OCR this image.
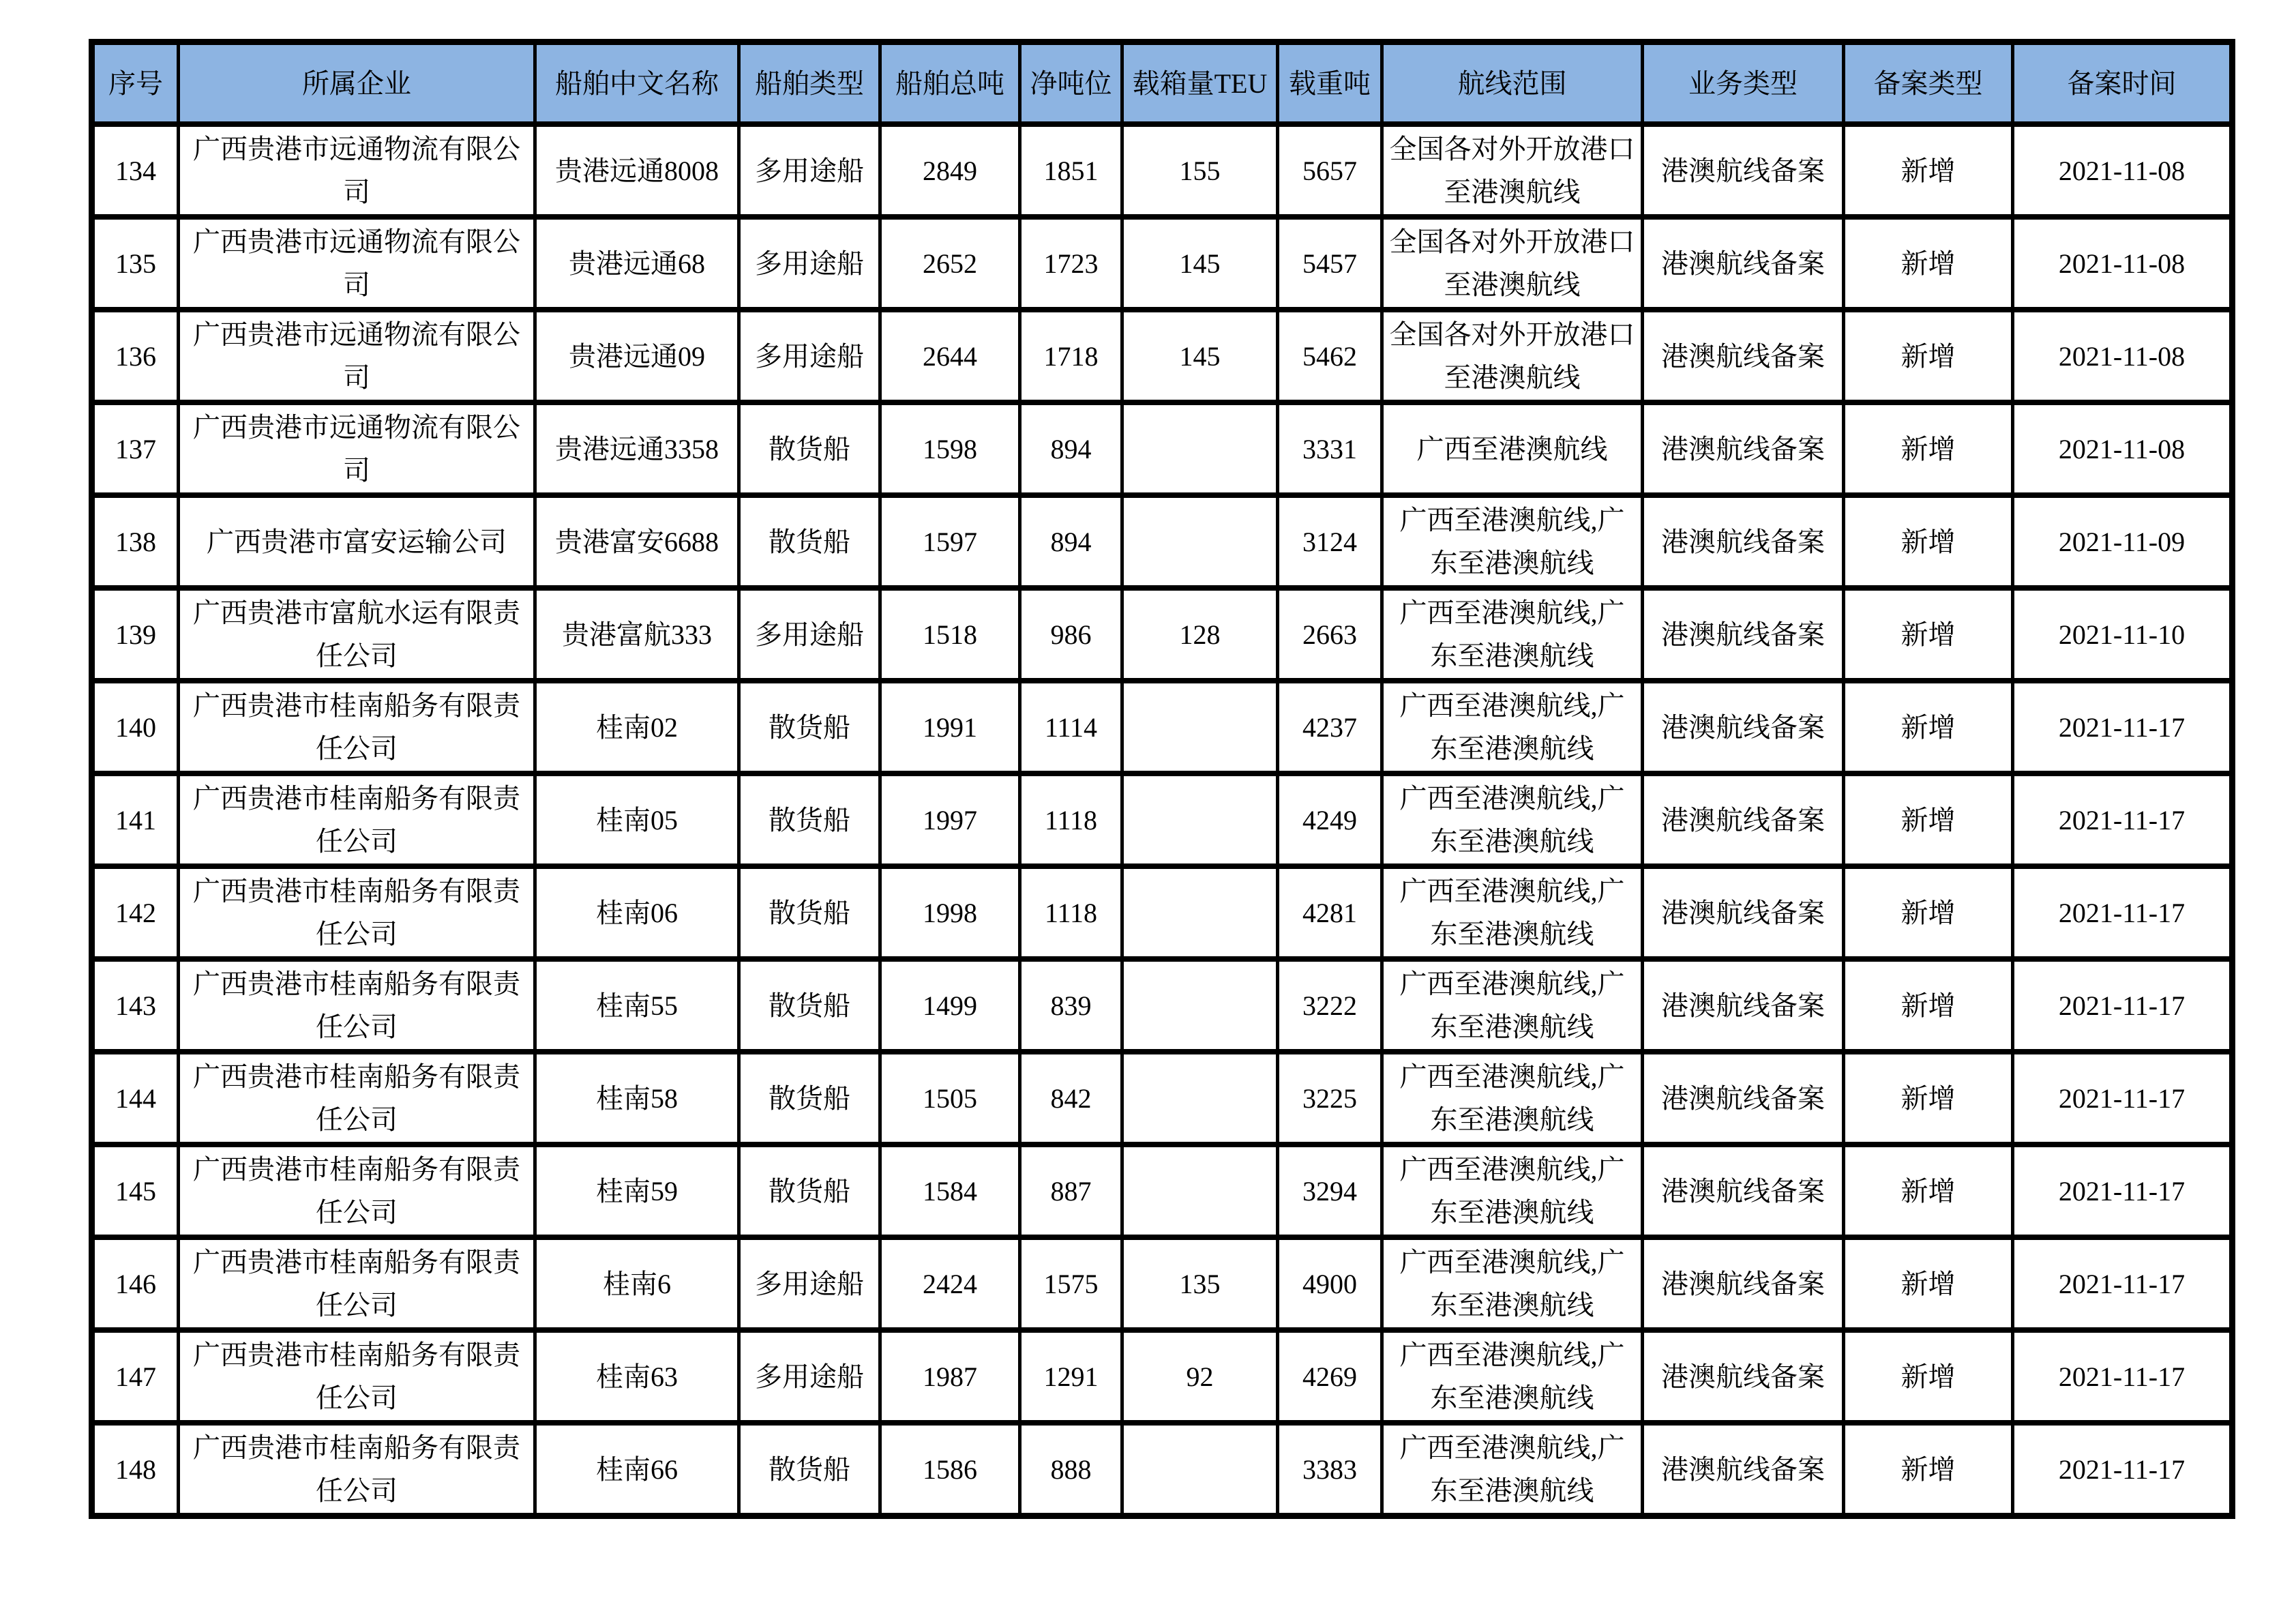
序号	所属企业	船舶中文名称	船舶类型	船舶总吨	净吨位	载箱量TEU	载重吨	航线范围	业务类型	备案类型	备案时间
134	广西贵港市远通物流有限公司	贵港远通8008	多用途船	2849	1851	155	5657	全国各对外开放港口至港澳航线	港澳航线备案	新增	2021-11-08
135	广西贵港市远通物流有限公司	贵港远通68	多用途船	2652	1723	145	5457	全国各对外开放港口至港澳航线	港澳航线备案	新增	2021-11-08
136	广西贵港市远通物流有限公司	贵港远通09	多用途船	2644	1718	145	5462	全国各对外开放港口至港澳航线	港澳航线备案	新增	2021-11-08
137	广西贵港市远通物流有限公司	贵港远通3358	散货船	1598	894		3331	广西至港澳航线	港澳航线备案	新增	2021-11-08
138	广西贵港市富安运输公司	贵港富安6688	散货船	1597	894		3124	广西至港澳航线,广东至港澳航线	港澳航线备案	新增	2021-11-09
139	广西贵港市富航水运有限责任公司	贵港富航333	多用途船	1518	986	128	2663	广西至港澳航线,广东至港澳航线	港澳航线备案	新增	2021-11-10
140	广西贵港市桂南船务有限责任公司	桂南02	散货船	1991	1114		4237	广西至港澳航线,广东至港澳航线	港澳航线备案	新增	2021-11-17
141	广西贵港市桂南船务有限责任公司	桂南05	散货船	1997	1118		4249	广西至港澳航线,广东至港澳航线	港澳航线备案	新增	2021-11-17
142	广西贵港市桂南船务有限责任公司	桂南06	散货船	1998	1118		4281	广西至港澳航线,广东至港澳航线	港澳航线备案	新增	2021-11-17
143	广西贵港市桂南船务有限责任公司	桂南55	散货船	1499	839		3222	广西至港澳航线,广东至港澳航线	港澳航线备案	新增	2021-11-17
144	广西贵港市桂南船务有限责任公司	桂南58	散货船	1505	842		3225	广西至港澳航线,广东至港澳航线	港澳航线备案	新增	2021-11-17
145	广西贵港市桂南船务有限责任公司	桂南59	散货船	1584	887		3294	广西至港澳航线,广东至港澳航线	港澳航线备案	新增	2021-11-17
146	广西贵港市桂南船务有限责任公司	桂南6	多用途船	2424	1575	135	4900	广西至港澳航线,广东至港澳航线	港澳航线备案	新增	2021-11-17
147	广西贵港市桂南船务有限责任公司	桂南63	多用途船	1987	1291	92	4269	广西至港澳航线,广东至港澳航线	港澳航线备案	新增	2021-11-17
148	广西贵港市桂南船务有限责任公司	桂南66	散货船	1586	888		3383	广西至港澳航线,广东至港澳航线	港澳航线备案	新增	2021-11-17
